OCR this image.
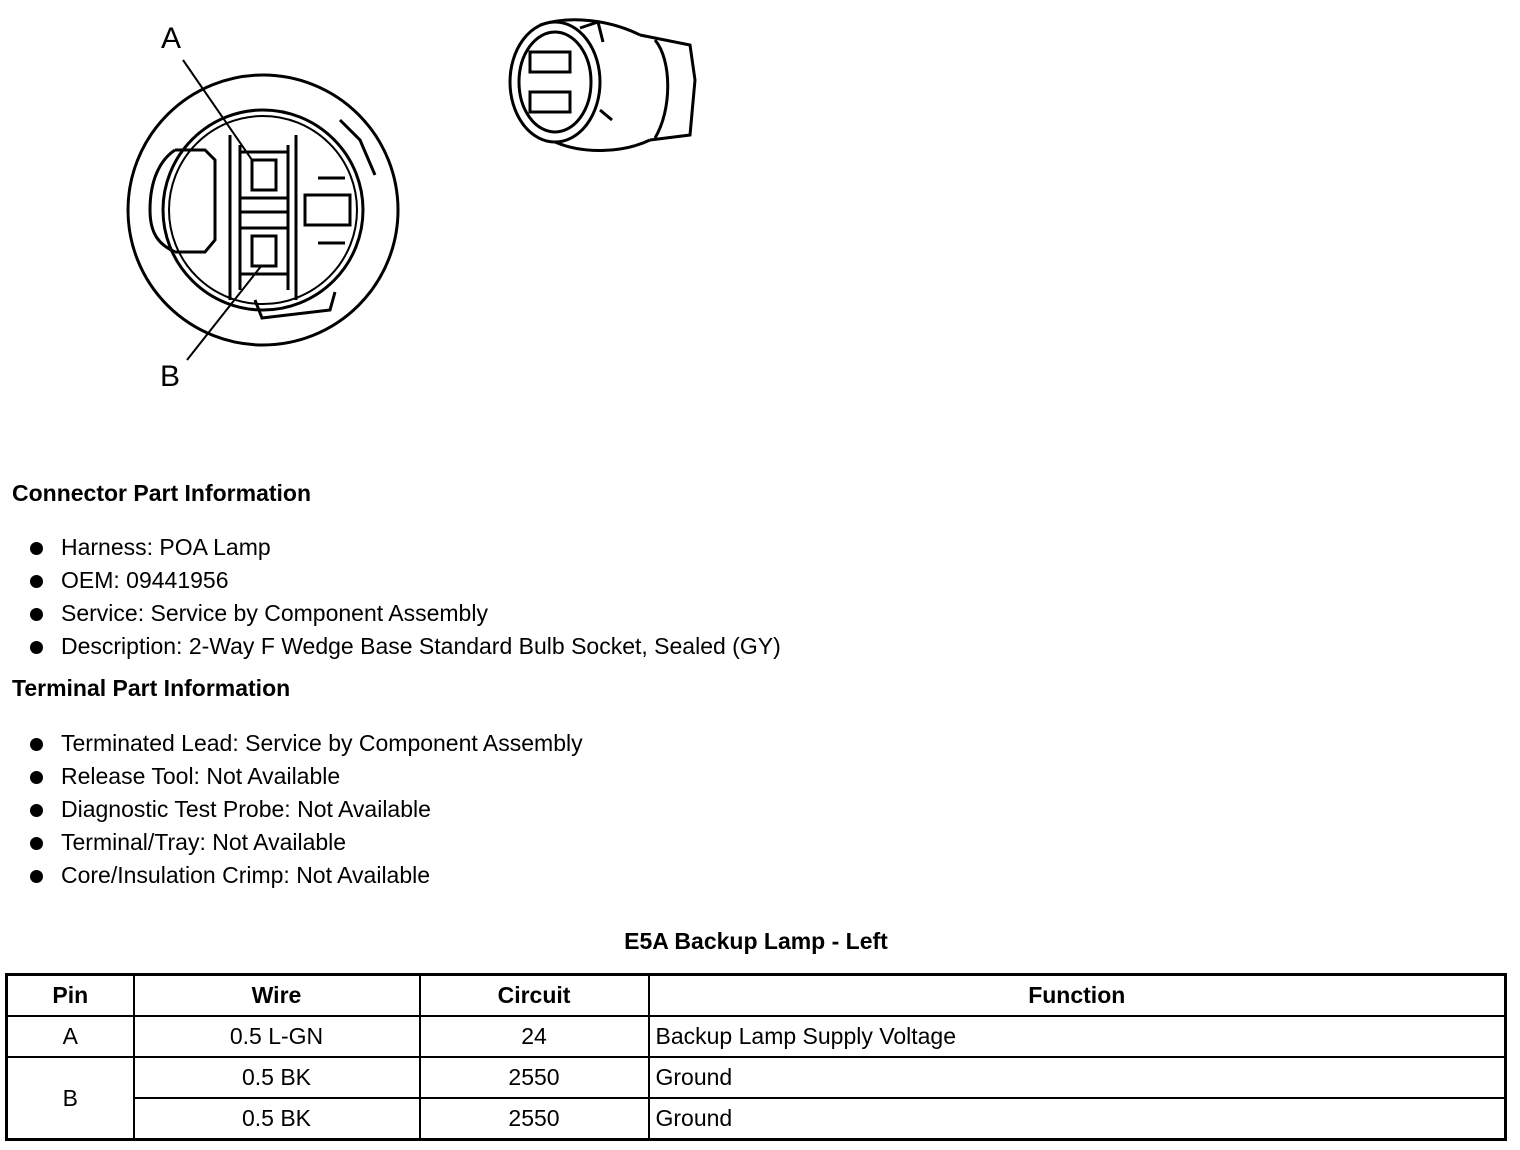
A
B
Connector Part Information
Harness: POA Lamp
OEM: 09441956
Service: Service by Component Assembly
Description: 2-Way F Wedge Base Standard Bulb Socket, Sealed (GY)
Terminal Part Information
Terminated Lead: Service by Component Assembly
Release Tool: Not Available
Diagnostic Test Probe: Not Available
Terminal/Tray: Not Available
Core/Insulation Crimp: Not Available
E5A Backup Lamp - Left
Pin	Wire	Circuit	Function
A	0.5 L-GN	24	Backup Lamp Supply Voltage
B	0.5 BK	2550	Ground
	0.5 BK	2550	Ground
